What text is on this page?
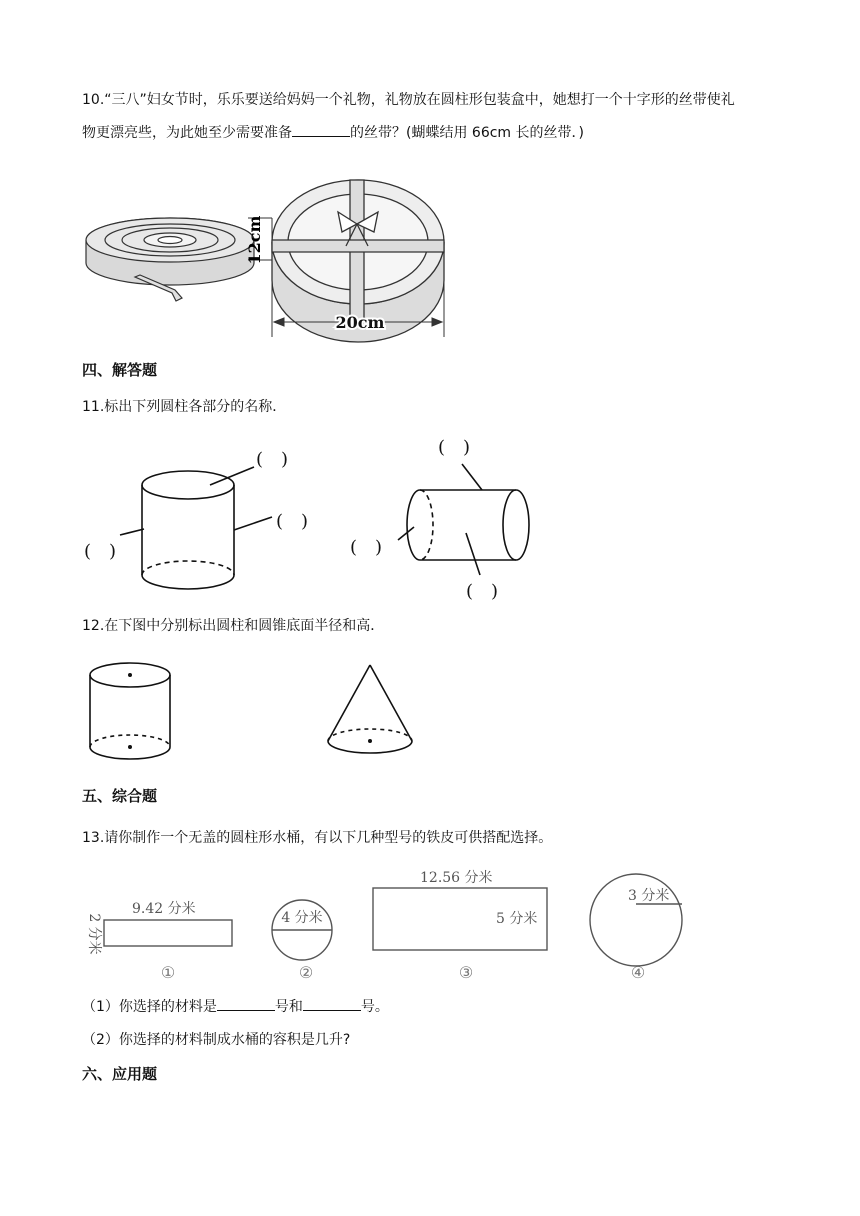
10.“三八”妇女节时，乐乐要送给妈妈一个礼物，礼物放在圆柱形包装盒中，她想打一个十字形的丝带使礼
物更漂亮些，为此她至少需要准备	的丝带？(蝴蝶结用 66cm 长的丝带．)
12cm
20cm
四、解答题
11.标出下列圆柱各部分的名称．
(　)
(　)
(　)
(　)
(　)
(　)
12.在下图中分别标出圆柱和圆锥底面半径和高．
五、综合题
13.请你制作一个无盖的圆柱形水桶，有以下几种型号的铁皮可供搭配选择。
9.42 分米
2 分米	4 分米
12.56 分米
5 分米
3 分米
①	②	③	④
（1）你选择的材料是	号和	号。
（2）你选择的材料制成水桶的容积是几升?
六、应用题
